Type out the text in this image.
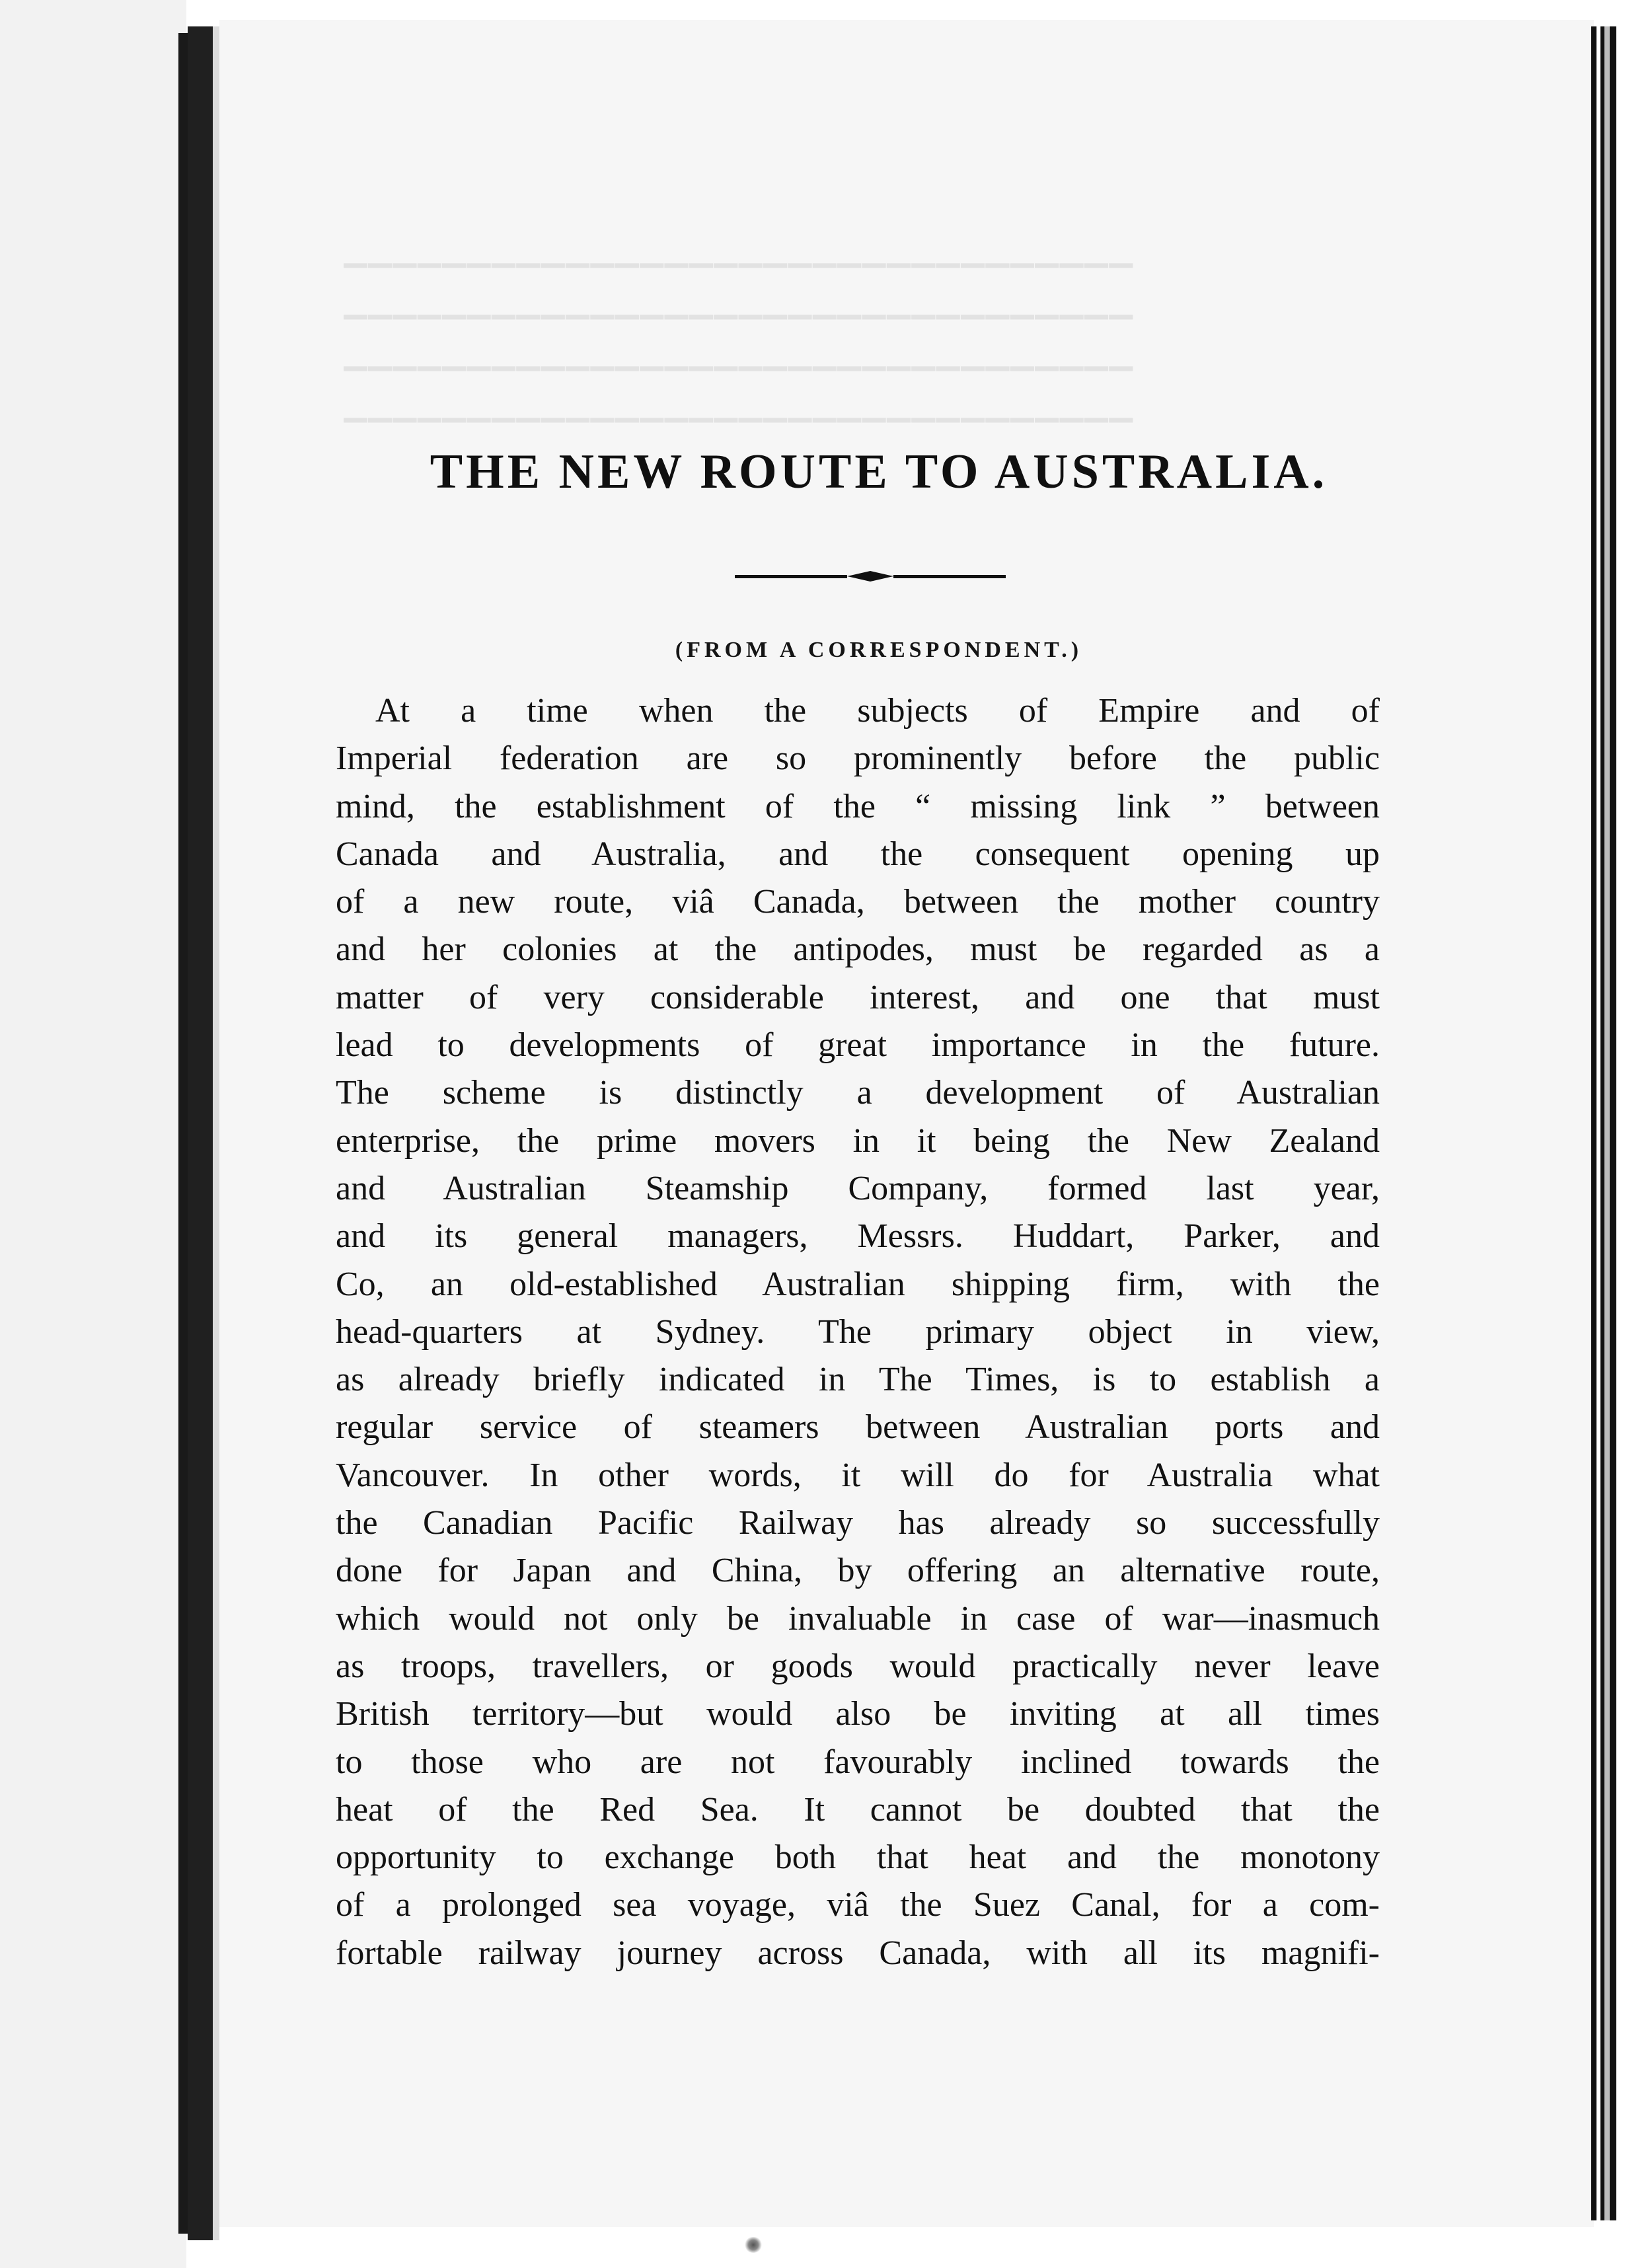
▁▁▁▁▁▁▁▁▁▁▁▁▁▁▁▁▁▁▁▁▁▁▁▁▁▁▁▁▁▁▁▁
▁▁▁▁▁▁▁▁▁▁▁▁▁▁▁▁▁▁▁▁▁▁▁▁▁▁▁▁▁▁▁▁
▁▁▁▁▁▁▁▁▁▁▁▁▁▁▁▁▁▁▁▁▁▁▁▁▁▁▁▁▁▁▁▁
▁▁▁▁▁▁▁▁▁▁▁▁▁▁▁▁▁▁▁▁▁▁▁▁▁▁▁▁▁▁▁▁
THE NEW ROUTE TO AUSTRALIA.
(FROM A CORRESPONDENT.)
At a time when the subjects of Empire and of
Imperial federation are so prominently before the public
mind, the establishment of the “ missing link ” between
Canada and Australia, and the consequent opening up
of a new route, viâ Canada, between the mother country
and her colonies at the antipodes, must be regarded as a
matter of very considerable interest, and one that must
lead to developments of great importance in the future.
The scheme is distinctly a development of Australian
enterprise, the prime movers in it being the New Zealand
and Australian Steamship Company, formed last year,
and its general managers, Messrs. Huddart, Parker, and
Co, an old-established Australian shipping firm, with the
head-quarters at Sydney. The primary object in view,
as already briefly indicated in The Times, is to establish a
regular service of steamers between Australian ports and
Vancouver. In other words, it will do for Australia what
the Canadian Pacific Railway has already so successfully
done for Japan and China, by offering an alternative route,
which would not only be invaluable in case of war—inasmuch
as troops, travellers, or goods would practically never leave
British territory—but would also be inviting at all times
to those who are not favourably inclined towards the
heat of the Red Sea. It cannot be doubted that the
opportunity to exchange both that heat and the monotony
of a prolonged sea voyage, viâ the Suez Canal, for a com-
fortable railway journey across Canada, with all its magnifi-
